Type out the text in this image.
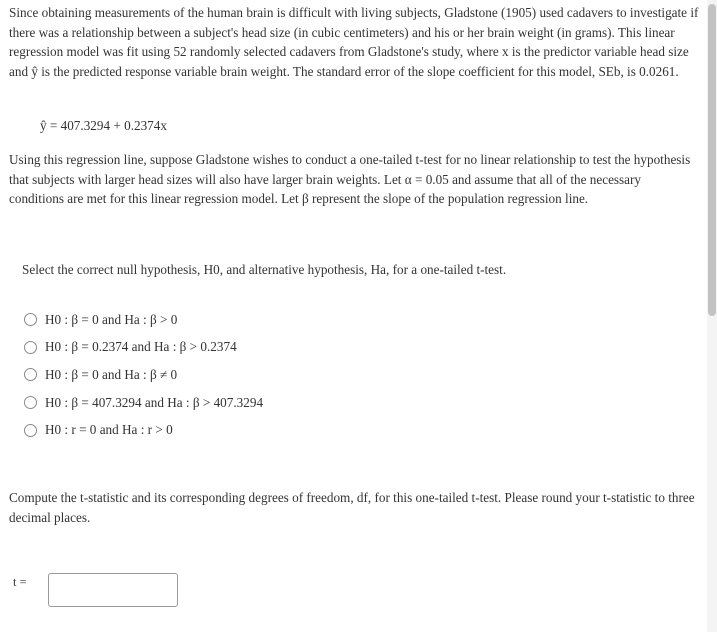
Since obtaining measurements of the human brain is difficult with living subjects, Gladstone (1905) used cadavers to investigate if there was a relationship between a subject's head size (in cubic centimeters) and his or her brain weight (in grams). This linear regression model was fit using 52 randomly selected cadavers from Gladstone's study, where x is the predictor variable head size and ŷ is the predicted response variable brain weight. The standard error of the slope coefficient for this model, SEb, is 0.0261.
ŷ = 407.3294 + 0.2374x
Using this regression line, suppose Gladstone wishes to conduct a one-tailed t-test for no linear relationship to test the hypothesis that subjects with larger head sizes will also have larger brain weights. Let α = 0.05 and assume that all of the necessary conditions are met for this linear regression model. Let β represent the slope of the population regression line.
Select the correct null hypothesis, H0, and alternative hypothesis, Ha, for a one-tailed t-test.
H0 : β = 0 and Ha : β > 0
H0 : β = 0.2374 and Ha : β > 0.2374
H0 : β = 0 and Ha : β ≠ 0
H0 : β = 407.3294 and Ha : β > 407.3294
H0 : r = 0 and Ha : r > 0
Compute the t-statistic and its corresponding degrees of freedom, df, for this one-tailed t-test. Please round your t-statistic to three decimal places.
t =
